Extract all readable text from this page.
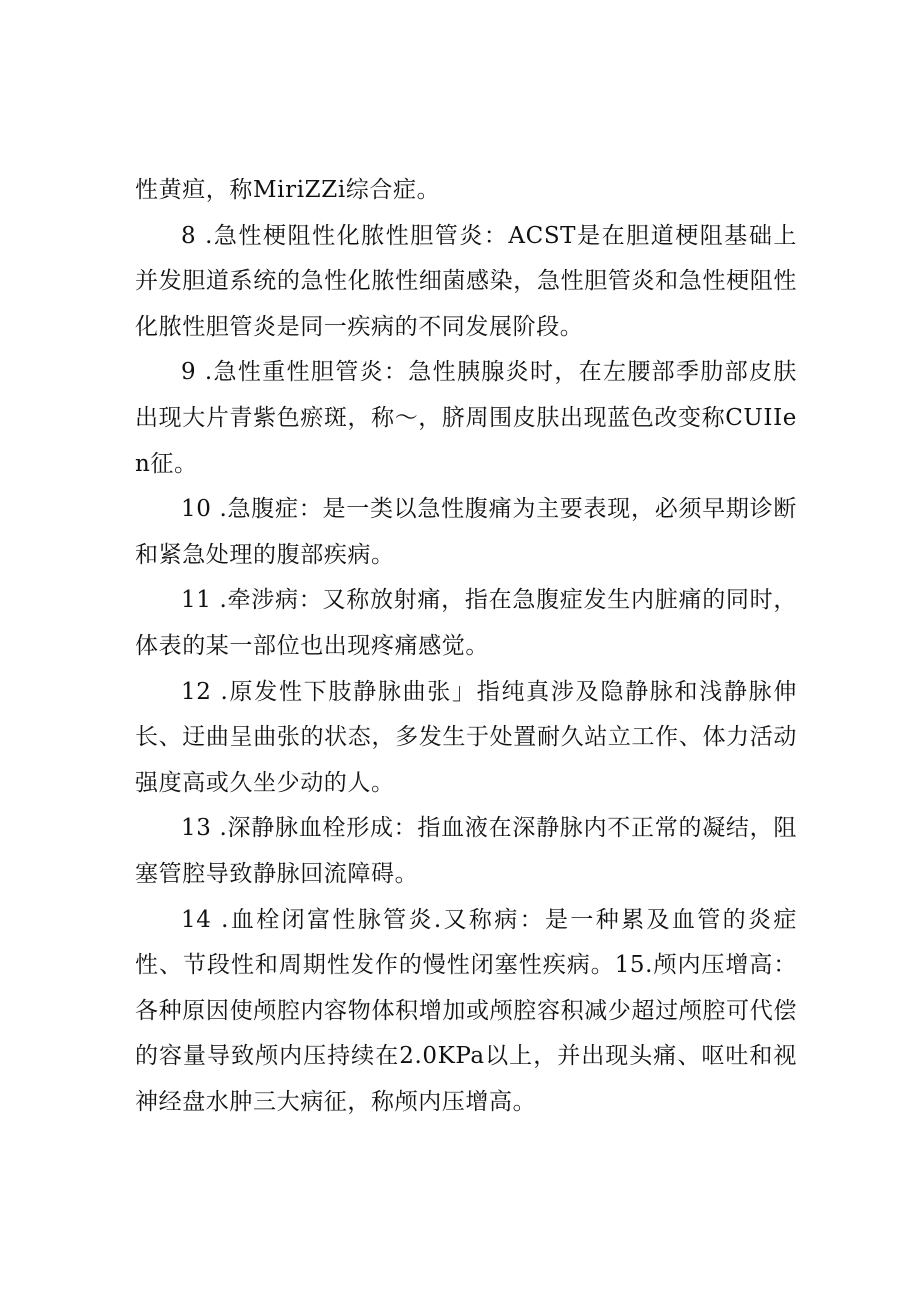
性黄疸，称MiriZZi综合症。

8 .急性梗阻性化脓性胆管炎：ACST是在胆道梗阻基础上并发胆道系统的急性化脓性细菌感染，急性胆管炎和急性梗阻性化脓性胆管炎是同一疾病的不同发展阶段。

9 .急性重性胆管炎：急性胰腺炎时，在左腰部季肋部皮肤出现大片青紫色瘀斑，称～，脐周围皮肤出现蓝色改变称CUIIen征。

10 .急腹症：是一类以急性腹痛为主要表现，必须早期诊断和紧急处理的腹部疾病。

11 .牵涉病：又称放射痛，指在急腹症发生内脏痛的同时，体表的某一部位也出现疼痛感觉。

12 .原发性下肢静脉曲张」指纯真涉及隐静脉和浅静脉伸长、迂曲呈曲张的状态，多发生于处置耐久站立工作、体力活动强度高或久坐少动的人。

13 .深静脉血栓形成：指血液在深静脉内不正常的凝结，阻塞管腔导致静脉回流障碍。

14 .血栓闭富性脉管炎.又称病：是一种累及血管的炎症性、节段性和周期性发作的慢性闭塞性疾病。15.颅内压增高：各种原因使颅腔内容物体积增加或颅腔容积减少超过颅腔可代偿的容量导致颅内压持续在2.0KPa以上，并出现头痛、呕吐和视神经盘水肿三大病征，称颅内压增高。
